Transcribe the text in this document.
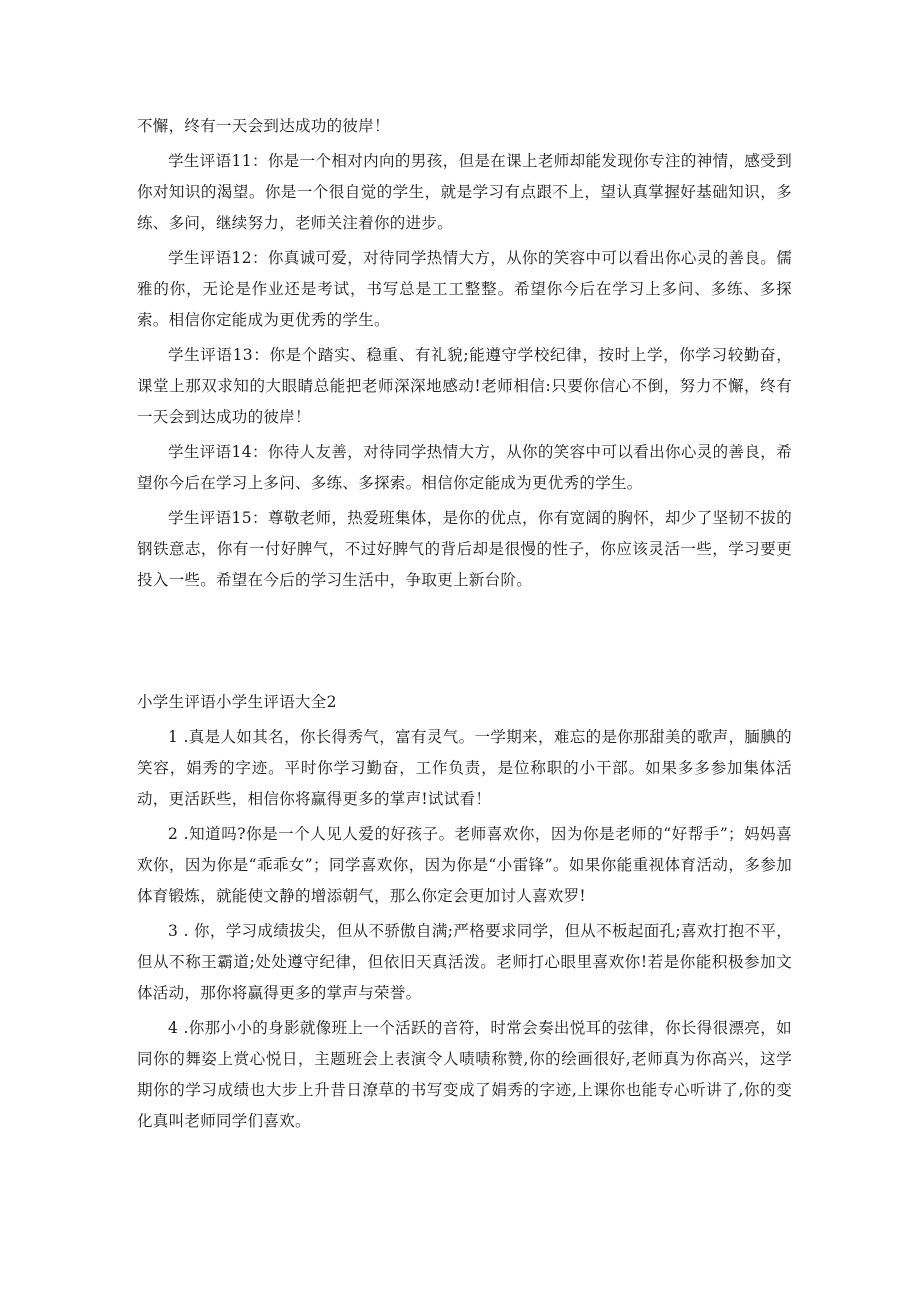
不懈，终有一天会到达成功的彼岸！

学生评语11：你是一个相对内向的男孩，但是在课上老师却能发现你专注的神情，感受到你对知识的渴望。你是一个很自觉的学生，就是学习有点跟不上，望认真掌握好基础知识，多练、多问，继续努力，老师关注着你的进步。

学生评语12：你真诚可爱，对待同学热情大方，从你的笑容中可以看出你心灵的善良。儒雅的你，无论是作业还是考试，书写总是工工整整。希望你今后在学习上多问、多练、多探索。相信你定能成为更优秀的学生。

学生评语13：你是个踏实、稳重、有礼貌;能遵守学校纪律，按时上学，你学习较勤奋，课堂上那双求知的大眼睛总能把老师深深地感动!老师相信:只要你信心不倒，努力不懈，终有一天会到达成功的彼岸！

学生评语14：你待人友善，对待同学热情大方，从你的笑容中可以看出你心灵的善良，希望你今后在学习上多问、多练、多探索。相信你定能成为更优秀的学生。

学生评语15：尊敬老师，热爱班集体，是你的优点，你有宽阔的胸怀，却少了坚韧不拔的钢铁意志，你有一付好脾气，不过好脾气的背后却是很慢的性子，你应该灵活一些，学习要更投入一些。希望在今后的学习生活中，争取更上新台阶。

小学生评语小学生评语大全2

1 .真是人如其名，你长得秀气，富有灵气。一学期来，难忘的是你那甜美的歌声，腼腆的笑容，娟秀的字迹。平时你学习勤奋，工作负责，是位称职的小干部。如果多多参加集体活动，更活跃些，相信你将赢得更多的掌声!试试看！

2 .知道吗?你是一个人见人爱的好孩子。老师喜欢你，因为你是老师的“好帮手”；妈妈喜欢你，因为你是“乖乖女”；同学喜欢你，因为你是“小雷锋”。如果你能重视体育活动，多参加体育锻炼，就能使文静的增添朝气，那么你定会更加讨人喜欢罗!

3 . 你，学习成绩拔尖，但从不骄傲自满;严格要求同学，但从不板起面孔;喜欢打抱不平，但从不称王霸道;处处遵守纪律，但依旧天真活泼。老师打心眼里喜欢你!若是你能积极参加文体活动，那你将赢得更多的掌声与荣誉。

4 .你那小小的身影就像班上一个活跃的音符，时常会奏出悦耳的弦律，你长得很漂亮，如同你的舞姿上赏心悦日，主题班会上表演令人啧啧称赞,你的绘画很好,老师真为你高兴，这学期你的学习成绩也大步上升昔日潦草的书写变成了娟秀的字迹,上课你也能专心听讲了,你的变化真叫老师同学们喜欢。
